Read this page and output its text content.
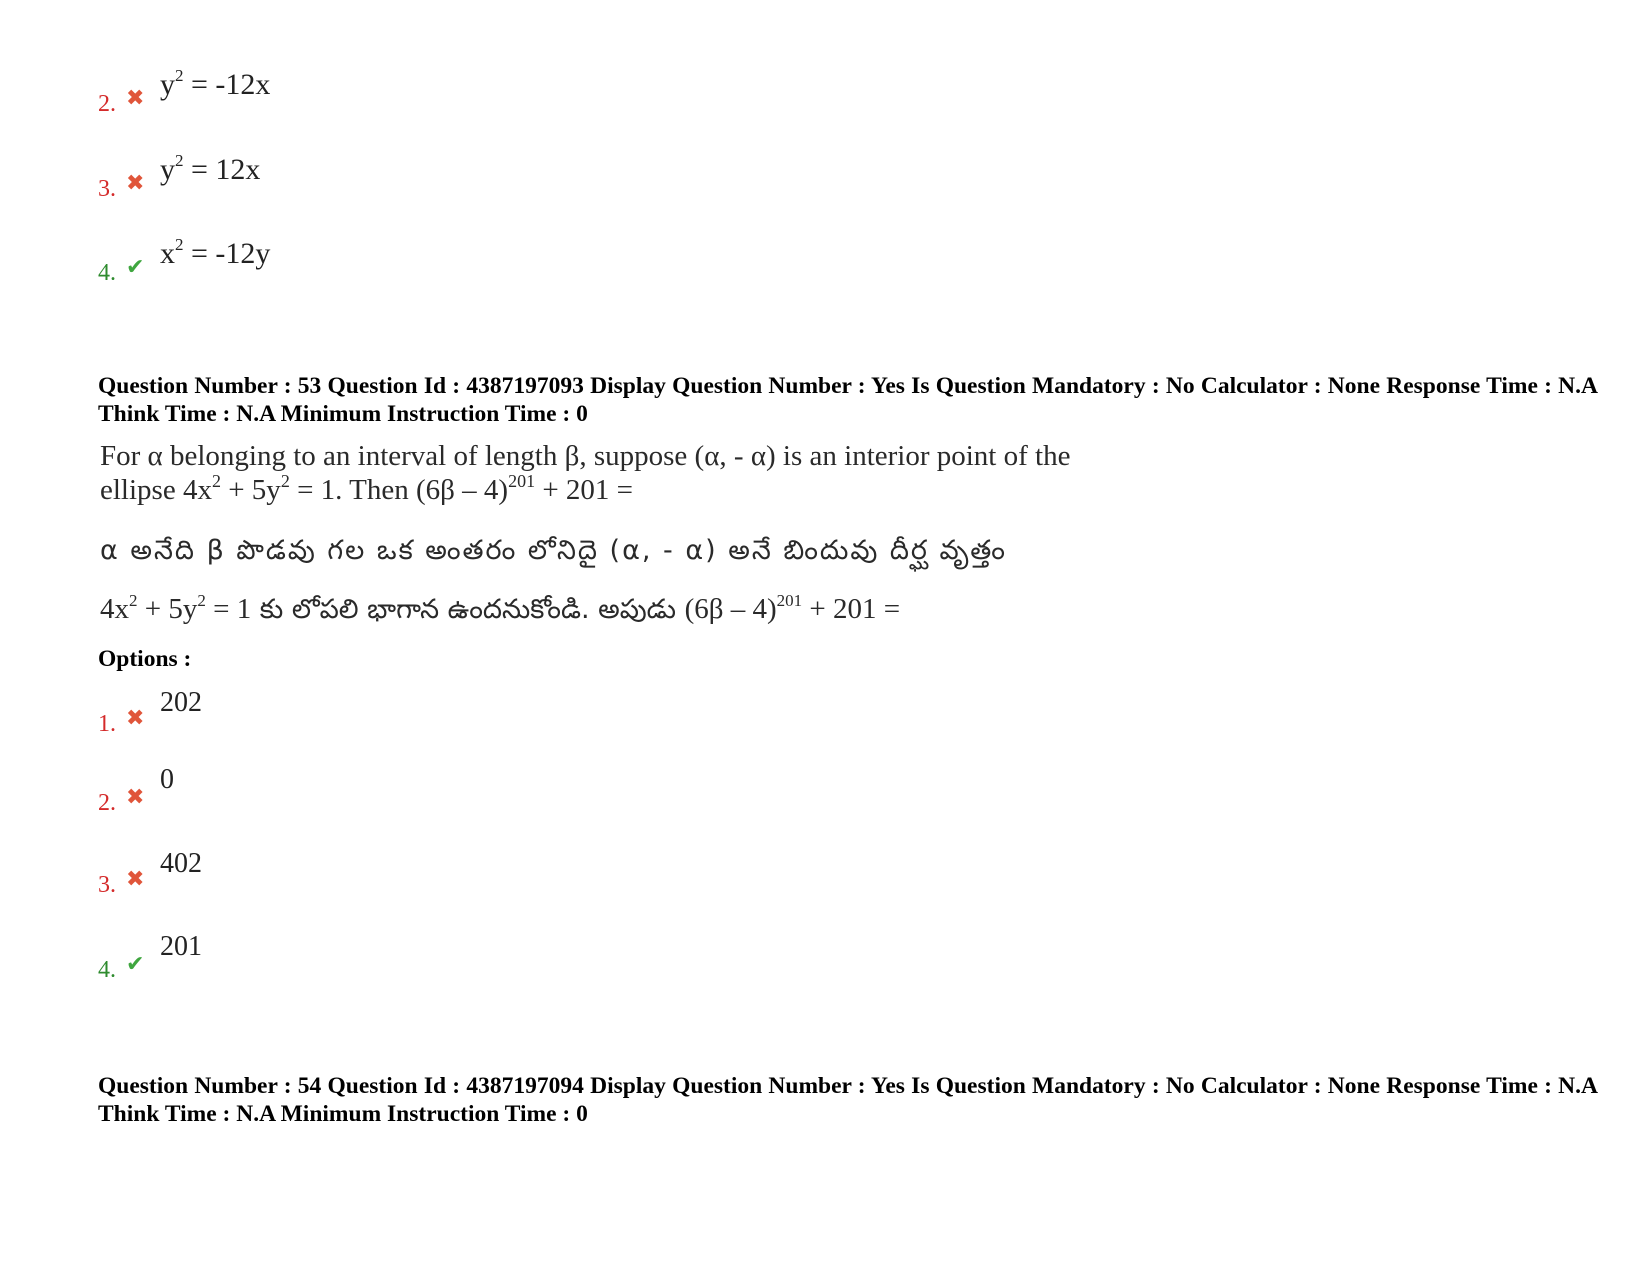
2. ✖ $y^2 = -12x$
3. ✖ $y^2 = 12x$
4. ✔ $x^2 = -12y$
Question Number : 53 Question Id : 4387197093 Display Question Number : Yes Is Question Mandatory : No Calculator : None Response Time : N.A Think Time : N.A Minimum Instruction Time : 0
For α belonging to an interval of length β, suppose (α, - α) is an interior point of the
ellipse $4x^2 + 5y^2 = 1$. Then (6β – 4)$^{201}$ + 201 =
α అనేది β పొడవు గల ఒక అంతరం లోనిదై (α, - α) అనే బిందువు దీర్ఘ వృత్తం
$4x^2 + 5y^2 = 1$ కు లోపలి భాగాన ఉందనుకోండి. అపుడు (6β – 4)$^{201}$ + 201 =
Options :
1. ✖
202
2. ✖
0
3. ✖
402
4. ✔
201
Question Number : 54 Question Id : 4387197094 Display Question Number : Yes Is Question Mandatory : No Calculator : None Response Time : N.A Think Time : N.A Minimum Instruction Time : 0
